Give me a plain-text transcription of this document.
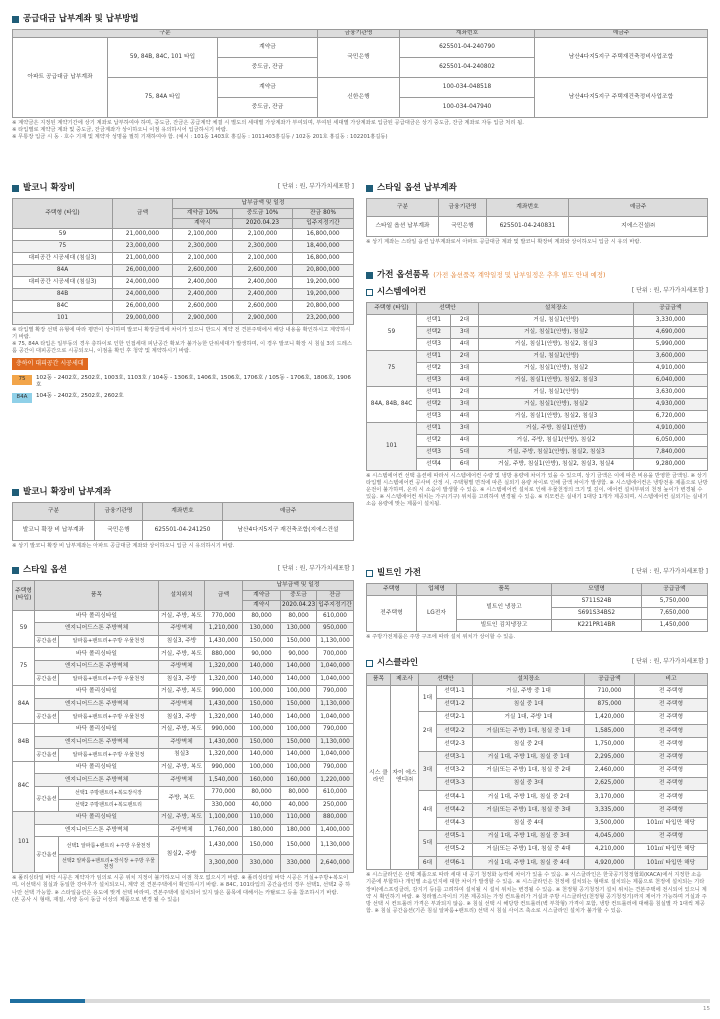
공급대금 납부계좌 및 납부방법
구분			금융기관명	계좌번호	예금주
아파트 공급대금 납부계좌	59, 84B, 84C, 101 타입	계약금	국민은행	625501-04-240790	남산4다지5지구 주택재건축정비사업조합
		중도금, 잔금		625501-04-240802	
	75, 84A 타입	계약금	신한은행	100-034-048518	남산4다지5지구 주택재건축정비사업조합
		중도금, 잔금		100-034-047940	

※ 계약금은 지정된 계약기간에 상기 계좌로 납부하여야 하며, 중도금, 잔금은 공급계약 체결 시 별도의 세대별 가상계좌가 부여되며, 부여된 세대별 가상계좌로 입금된 공급대금은 상기 중도금, 잔금 계좌로 자동 입금 처리 됨.

※ 타입별로 계약금 계좌 및 중도금, 잔금계좌가 상이하오니 이점 유의하시어 입금하시기 바람.

※ 무통장 입금 시 동 · 호수 기재 및 계약자 성명을 필히 기재하여야 함. (예시 : 101동 1403호 홍길동 : 1011403홍길동 / 102동 201호 홍길동 : 102201홍길동)

발코니 확장비	[ 단위 : 원, 부가가치세포함 ]
주택형 (타입)	금액	납부금액 및 일정		
		계약금 10%	중도금 10%	잔금 80%
		계약시	2020.04.23	입주지정기간
59	21,000,000	2,100,000	2,100,000	16,800,000
75	23,000,000	2,300,000	2,300,000	18,400,000
대피공간 시공세대 (침실3)	21,000,000	2,100,000	2,100,000	16,800,000
84A	26,000,000	2,600,000	2,600,000	20,800,000
대피공간 시공세대 (침실3)	24,000,000	2,400,000	2,400,000	19,200,000
84B	24,000,000	2,400,000	2,400,000	19,200,000
84C	26,000,000	2,600,000	2,600,000	20,800,000
101	29,000,000	2,900,000	2,900,000	23,200,000

※ 타입별 확장 선택 유형에 따라 평면이 상이하며 발코니 확장금액에 차이가 있으니 반드시 계약 전 견본주택에서 해당 내용을 확인하시고 계약하시기 바람.

※ 75, 84A 타입은 일부동의 경우 층하이로 인한 인접세대 피난공간 확보가 불가능한 단위세대가 발생하며, 이 경우 발코니 확장 시 침실 3의 드레스룸 공간이 대피공간으로 시공되오니, 이점을 확인 후 청약 및 계약하시기 바람.

층하이 대피공간 시공세대
75	102동 - 2402호, 2502호, 1003호, 1103호 / 104동 - 1306호, 1406호, 1506호, 1706호 / 105동 - 1706호, 1806호, 1906호
84A	104동 - 2402호, 2502호, 2602호
발코니 확장비 납부계좌
구분	금융기관명	계좌번호	예금주
발코니 확장 비 납부계좌	국민은행	625501-04-241250	남산4다지5지구 재건축조합(지에스건설
※ 상기 발코니 확장 비 납부계좌는 아파트 공급대금 계좌와 상이하오니 입금 시 유의하시기 바람.
스타일 옵션	[ 단위 : 원, 부가가치세포함 ]
주택형 (타입)	품목		설치위치	금액	납부금액 및 일정		
					계약금	중도금	잔금
					계약시	2020.04.23	입주지정기간
59	바닥 폴리싱타일		거실, 주방, 복도	770,000	80,000	80,000	610,000
	엔지니어드스톤 주방벽체		주방벽체	1,210,000	130,000	130,000	950,000
	공간옵션	알파룸+팬트리+주방 우물천정	침실3, 주방	1,430,000	150,000	150,000	1,130,000
75	바닥 폴리싱타일		거실, 주방, 복도	880,000	90,000	90,000	700,000
	엔지니어드스톤 주방벽체		주방벽체	1,320,000	140,000	140,000	1,040,000
	공간옵션	알파룸+팬트리+주방 우물천정	침실3, 주방	1,320,000	140,000	140,000	1,040,000
84A	바닥 폴리싱타일		거실, 주방, 복도	990,000	100,000	100,000	790,000
	엔지니어드스톤 주방벽체		주방벽체	1,430,000	150,000	150,000	1,130,000
	공간옵션	알파룸+팬트리+주방 우물천정	침실3, 주방	1,320,000	140,000	140,000	1,040,000
84B	바닥 폴리싱타일		거실, 주방, 복도	990,000	100,000	100,000	790,000
	엔지니어드스톤 주방벽체		주방벽체	1,430,000	150,000	150,000	1,130,000
	공간옵션	알파룸+팬트리+주방 우물천정	침실3	1,320,000	140,000	140,000	1,040,000
84C	바닥 폴리싱타일		거실, 주방, 복도	990,000	100,000	100,000	790,000
	엔지니어드스톤 주방벽체		주방벽체	1,540,000	160,000	160,000	1,220,000
	공간옵션	선택1 주방팬트리+복도장식장	주방, 복도	770,000	80,000	80,000	610,000
		선택2 주방팬트리+복도팬트리		330,000	40,000	40,000	250,000
101	바닥 폴리싱타일		거실, 주방, 복도	1,100,000	110,000	110,000	880,000
	엔지니어드스톤 주방벽체		주방벽체	1,760,000	180,000	180,000	1,400,000
	공간옵션	선택1 알파룸+팬트리 +주방 우물천정	침실2, 주방	1,430,000	150,000	150,000	1,130,000
		선택2 알파룸+팬트리+장식장 +주방 우물천정		3,300,000	330,000	330,000	2,640,000

※ 폴리싱타일 바닥 시공은 계약자가 임의로 시공 위치 지정이 불가하오니 이점 착오 없으시기 바람. ※ 폴리싱타일 바닥 시공은 거실+주방+복도이며, 이선택시 침실과 동일한 강마루가 설치되오니, 계약 전 견본주택에서 확인하시기 바람. ※ 84C, 101타입의 공간옵션의 경우 선택1, 선택2 중 하나만 선택 가능함. ※ 스타일옵션은 용도에 맞게 선택 바라며, 견본주택에 설치되어 있지 않은 품목에 대해서는 카탈로그 등을 참조하시기 바람.

(본 공사 시 형태, 재질, 사양 등이 동급 이상의 제품으로 변경 될 수 있음)

스타일 옵션 납부계좌
구분	금융기관명	계좌번호	예금주
스타일 옵션 납부계좌	국민은행	625501-04-240831	지에스건설㈜
※ 상기 계좌는 스타일 옵션 납부계좌로서 아파트 공급대금 계좌 및 발코니 확장비 계좌와 상이하오니 입금 시 유의 바람.
가전 옵션품목 (가전 옵션품목 계약일정 및 납부일정은 추후 별도 안내 예정)
시스템에어컨	[ 단위 : 원, 부가가치세포함 ]
주택형 (타입)	선택안		설치장소	공급금액
59	선택1	2대	거실, 침실1(안방)	3,330,000
	선택2	3대	거실, 침실1(안방), 침실2	4,690,000
	선택3	4대	거실, 침실1(안방), 침실2, 침실3	5,990,000
75	선택1	2대	거실, 침실1(안방)	3,600,000
	선택2	3대	거실, 침실1(안방), 침실2	4,910,000
	선택3	4대	거실, 침실1(안방), 침실2, 침실3	6,040,000
84A, 84B, 84C	선택1	2대	거실, 침실1(안방)	3,630,000
	선택2	3대	거실, 침실1(안방), 침실2	4,930,000
	선택3	4대	거실, 침실1(안방), 침실2, 침실3	6,720,000
101	선택1	3대	거실, 주방, 침실1(안방)	4,910,000
	선택2	4대	거실, 주방, 침실1(안방), 침실2	6,050,000
	선택3	5대	거실, 주방, 침실1(안방), 침실2, 침실3	7,840,000
	선택4	6대	거실, 주방, 침실1(안방), 침실2, 침실3, 침실4	9,280,000
※ 시스템에어컨 선택 옵션에 따라서 시스템에어컨 수량 및 냉방 용량에 차이가 있을 수 있으며, 상기 금액은 이에 따른 비용을 반영한 금액임. ※ 상기 타입별 시스템에어컨 공사비 산정 시, 주택형별 면적에 따른 실외기 용량 차이로 인해 금액 차이가 발생함. ※ 시스템에어컨은 냉방전용 제품으로 난방 운전이 불가하며, 온리 시 소음이 발생할 수 있음. ※ 시스템에어컨 설치로 인해 우물천정의 크기 및 깊이, 에어컨 설치부위의 천정 높이가 변경될 수 있음. ※ 시스템에어컨 위치는 가구(기구) 위치를 고려하여 변경될 수 있음. ※ 리모컨은 실내기 1대당 1개가 제공되며, 시스템에어컨 실외기는 실내기 소음 용량에 맞는 제품이 설치됨.
빌트인 가전	[ 단위 : 원, 부가가치세포함 ]
주택형	업체명	품목	모델명	공급금액
전주택형	LG전자	빌트인 냉장고	S711S24B	5,750,000
			S691S34BS2	7,650,000
		빌트인 김치냉장고	K221PR14BR	1,450,000
※ 주방가전제품은 주방 구조에 따라 설치 위치가 상이할 수 있음.
시스클라인	[ 단위 : 원, 부가가치세포함 ]
품목	제조사	선택안		설치장소	공급금액	비고
시스 클라인	자이 에스앤디㈜	1대	선택1-1	거실, 주방 중 1대	710,000	전 주택형
			선택1-2	침실 중 1대	875,000	전 주택형
		2대	선택2-1	거실 1대, 주방 1대	1,420,000	전 주택형
			선택2-2	거실(또는 주방) 1대, 침실 중 1대	1,585,000	전 주택형
			선택2-3	침실 중 2대	1,750,000	전 주택형
		3대	선택3-1	거실 1대, 주방 1대, 침실 중 1대	2,295,000	전 주택형
			선택3-2	거실(또는 주방) 1대, 침실 중 2대	2,460,000	전 주택형
			선택3-3	침실 중 3대	2,625,000	전 주택형
		4대	선택4-1	거실 1대, 주방 1대, 침실 중 2대	3,170,000	전 주택형
			선택4-2	거실(또는 주방) 1대, 침실 중 3대	3,335,000	전 주택형
			선택4-3	침실 중 4대	3,500,000	101㎡ 타입만 해당
		5대	선택5-1	거실 1대, 주방 1대, 침실 중 3대	4,045,000	전 주택형
			선택5-2	거실(또는 주방) 1대, 침실 중 4대	4,210,000	101㎡ 타입만 해당
		6대	선택6-1	거실 1대, 주방 1대, 침실 중 4대	4,920,000	101㎡ 타입만 해당
※ 시스클라인은 선택 제품으로 따라 세대 내 공기 청정화 능력에 차이가 있을 수 있음. ※ 시스클라인은 한국공기청정협회(KACA)에서 지정한 소음 기준에 부합하나 개인별 소음인지에 대한 차이가 발생할 수 있음. ※ 시스클라인은 천정에 설치되는 형태로 설치되는 제품으로 천정에 설치되는 기타 장비(에스프링클러, 감지기 등)를 고려하여 설치될 시 설치 위치는 변경될 수 있음. ※ 천정형 공기청정기 설치 위치는 견본주택에 전시되어 있으니 계약 시 확인하기 바람. ※ 청라필스자이의 기본 제공되는 가정 컨트롤러가 거실과 주방 시스클라인(천정형 공기청정기)까지 제어가 가능하며 거실과 주방 선택 시 컨트롤러 가격은 부과되지 않음. ※ 침실 선택 시 해당방 컨트롤러(벽 부착형) 가격이 포함, 냉방 컨트롤러에 대해를 침실별 각 1대씩 제공함. ※ 침실 공간옵션(기존 침실 알파룸+팬트리) 선택 시 침실 사이즈 축소로 시스클라인 설치가 불가할 수 있음.
15
